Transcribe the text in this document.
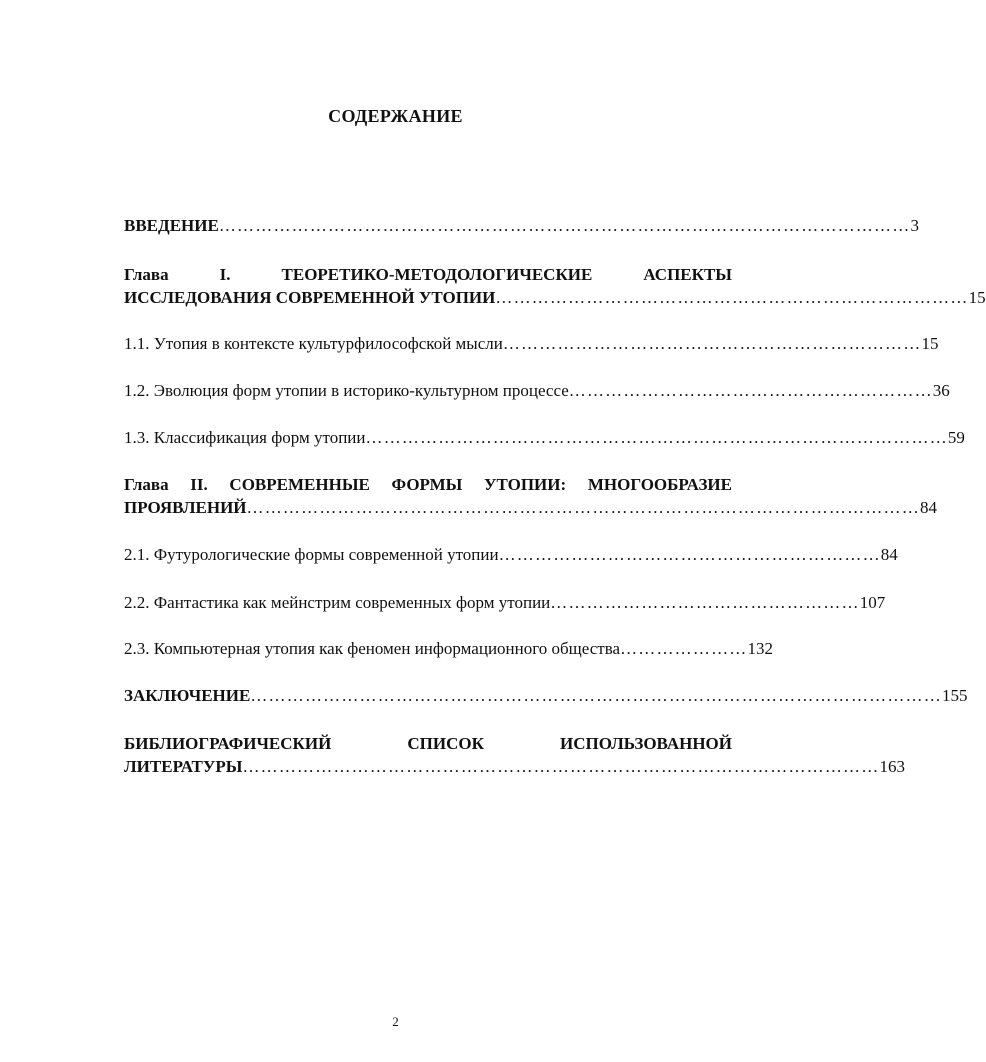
СОДЕРЖАНИЕ
ВВЕДЕНИЕ …………………………………………………………………………………………………… 3
Глава I. ТЕОРЕТИКО-МЕТОДОЛОГИЧЕСКИЕ АСПЕКТЫ
ИССЛЕДОВАНИЯ СОВРЕМЕННОЙ УТОПИИ …………………………………………………………………… 15
1.1. Утопия в контексте культурфилософской мысли …………………………………………………………… 15
1.2. Эволюция форм утопии в историко-культурном процессе …………………………………………………… 36
1.3. Классификация форм утопии …………………………………………………………………………………… 59
Глава II. СОВРЕМЕННЫЕ ФОРМЫ УТОПИИ: МНОГООБРАЗИЕ
ПРОЯВЛЕНИЙ ………………………………………………………………………………………………… 84
2.1. Футурологические формы современной утопии ……………………………………………………… 84
2.2. Фантастика как мейнстрим современных форм утопии …………………………………………… 107
2.3. Компьютерная утопия как феномен информационного общества ………………… 132
ЗАКЛЮЧЕНИЕ …………………………………………………………………………………………………… 155
БИБЛИОГРАФИЧЕСКИЙ СПИСОК ИСПОЛЬЗОВАННОЙ
ЛИТЕРАТУРЫ …………………………………………………………………………………………… 163
2
